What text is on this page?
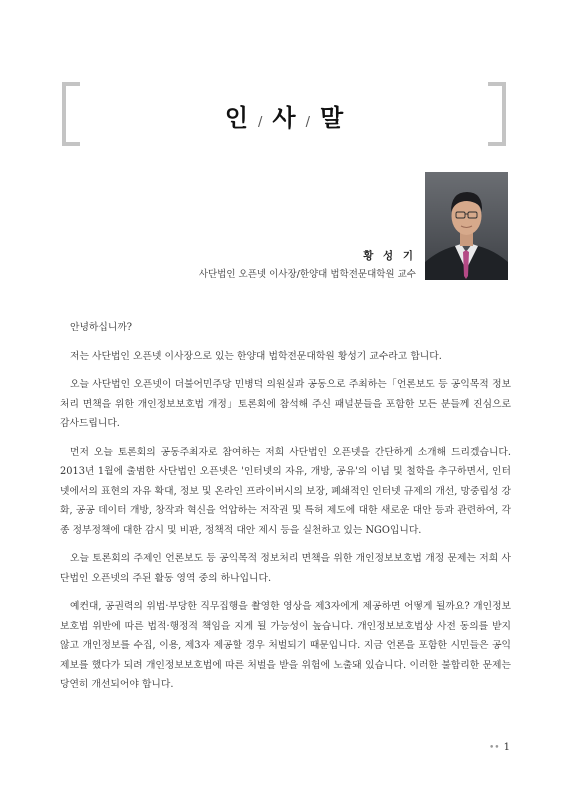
인 / 사 / 말
황 성 기
사단법인 오픈넷 이사장/한양대 법학전문대학원 교수

안녕하십니까?

저는 사단법인 오픈넷 이사장으로 있는 한양대 법학전문대학원 황성기 교수라고 합니다.

오늘 사단법인 오픈넷이 더불어민주당 민병덕 의원실과 공동으로 주최하는「언론보도 등 공익목적 정보처리 면책을 위한 개인정보보호법 개정」토론회에 참석해 주신 패널분들을 포함한 모든 분들께 진심으로 감사드립니다.

먼저 오늘 토론회의 공동주최자로 참여하는 저희 사단법인 오픈넷을 간단하게 소개해 드리겠습니다. 2013년 1월에 출범한 사단법인 오픈넷은 '인터넷의 자유, 개방, 공유'의 이념 및 철학을 추구하면서, 인터넷에서의 표현의 자유 확대, 정보 및 온라인 프라이버시의 보장, 폐쇄적인 인터넷 규제의 개선, 망중립성 강화, 공공 데이터 개방, 창작과 혁신을 억압하는 저작권 및 특허 제도에 대한 새로운 대안 등과 관련하여, 각종 정부정책에 대한 감시 및 비판, 정책적 대안 제시 등을 실천하고 있는 NGO입니다.

오늘 토론회의 주제인 언론보도 등 공익목적 정보처리 면책을 위한 개인정보보호법 개정 문제는 저희 사단법인 오픈넷의 주된 활동 영역 중의 하나입니다.

예컨대, 공권력의 위법·부당한 직무집행을 촬영한 영상을 제3자에게 제공하면 어떻게 될까요? 개인정보보호법 위반에 따른 법적·행정적 책임을 지게 될 가능성이 높습니다. 개인정보보호법상 사전 동의를 받지 않고 개인정보를 수집, 이용, 제3자 제공할 경우 처벌되기 때문입니다. 지금 언론을 포함한 시민들은 공익제보를 했다가 되려 개인정보보호법에 따른 처벌을 받을 위험에 노출돼 있습니다. 이러한 불합리한 문제는 당연히 개선되어야 합니다.

•• 1
